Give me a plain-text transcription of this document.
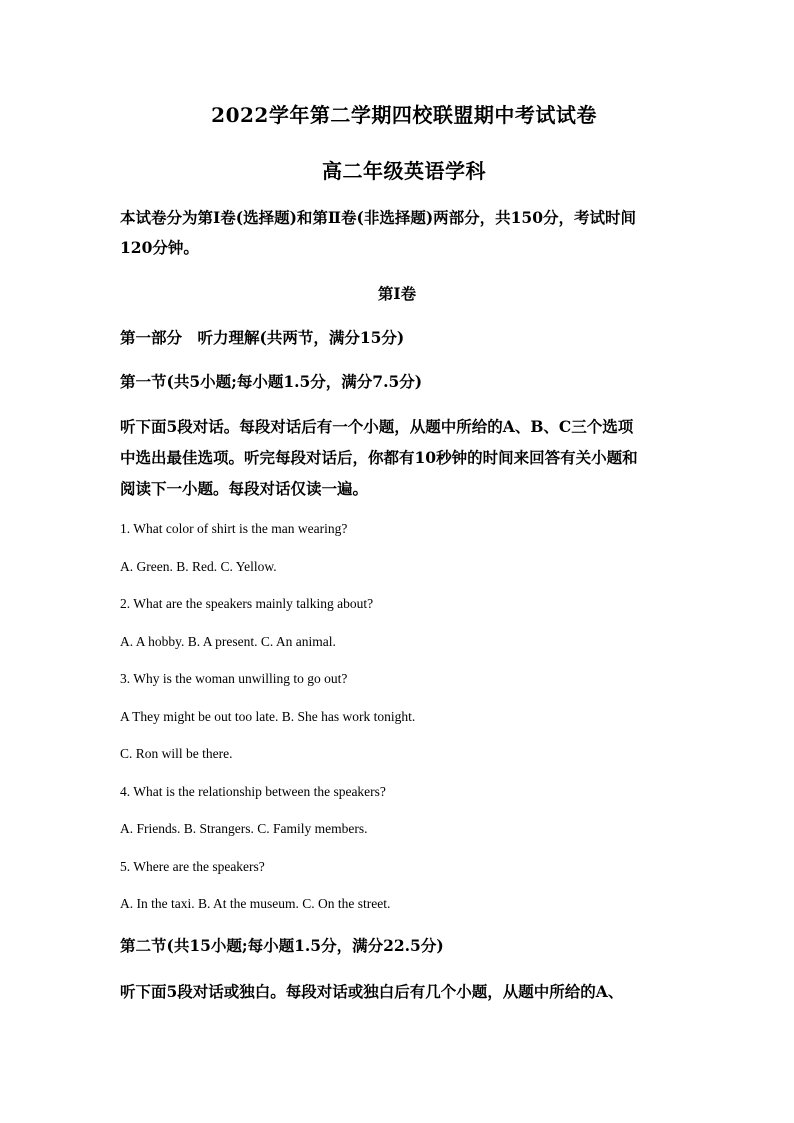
2022学年第二学期四校联盟期中考试试卷
高二年级英语学科
本试卷分为第Ⅰ卷(选择题)和第Ⅱ卷(非选择题)两部分，共150分，考试时间
120分钟。
第Ⅰ卷
第一部分　听力理解(共两节，满分15分)
第一节(共5小题;每小题1.5分，满分7.5分)
听下面5段对话。每段对话后有一个小题，从题中所给的A、B、C三个选项
中选出最佳选项。听完每段对话后，你都有10秒钟的时间来回答有关小题和
阅读下一小题。每段对话仅读一遍。
1. What color of shirt is the man wearing?
A. Green. B. Red. C. Yellow.
2. What are the speakers mainly talking about?
A. A hobby. B. A present. C. An animal.
3. Why is the woman unwilling to go out?
A They might be out too late. B. She has work tonight.
C. Ron will be there.
4. What is the relationship between the speakers?
A. Friends. B. Strangers. C. Family members.
5. Where are the speakers?
A. In the taxi. B. At the museum. C. On the street.
第二节(共15小题;每小题1.5分，满分22.5分)
听下面5段对话或独白。每段对话或独白后有几个小题，从题中所给的A、
